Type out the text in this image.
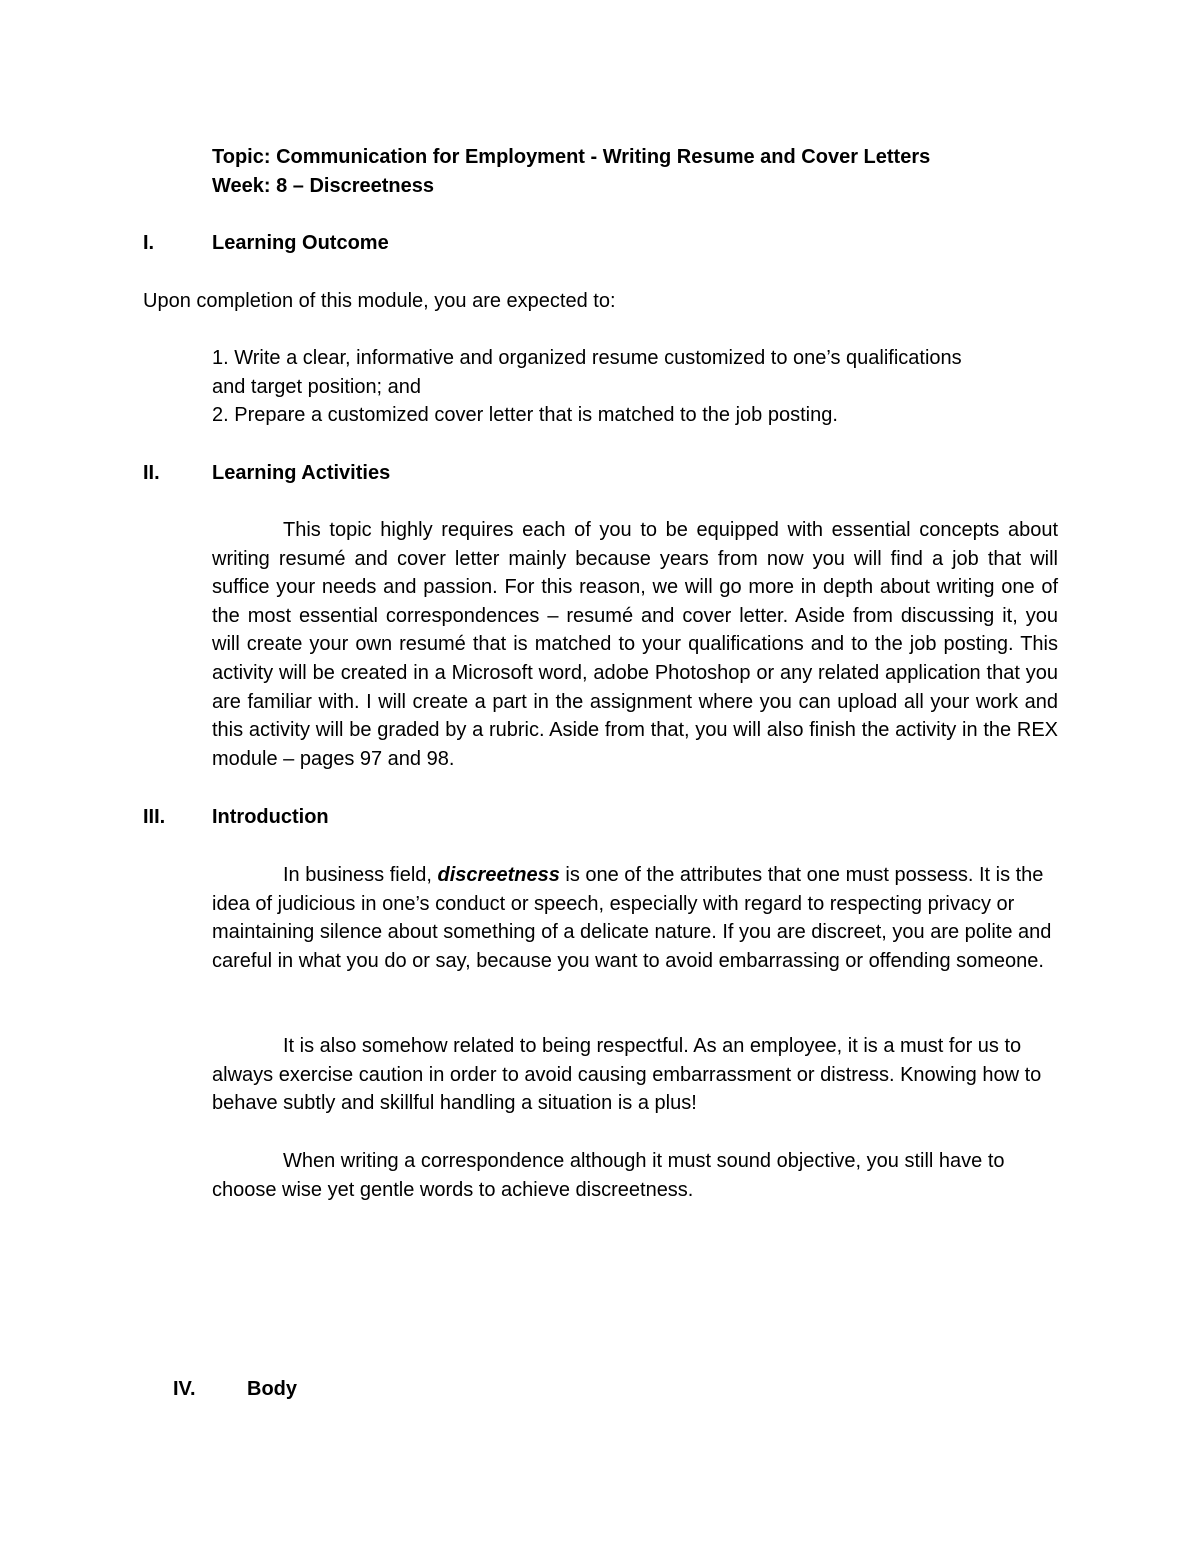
Topic: Communication for Employment - Writing Resume and Cover Letters
Week: 8 – Discreetness
I.	Learning Outcome
Upon completion of this module, you are expected to:
1. Write a clear, informative and organized resume customized to one’s qualifications
and target position; and
2. Prepare a customized cover letter that is matched to the job posting.
II.	Learning Activities
This topic highly requires each of you to be equipped with essential concepts about writing resumé and cover letter mainly because years from now you will find a job that will suffice your needs and passion. For this reason, we will go more in depth about writing one of the most essential correspondences – resumé and cover letter. Aside from discussing it, you will create your own resumé that is matched to your qualifications and to the job posting. This activity will be created in a Microsoft word, adobe Photoshop or any related application that you are familiar with. I will create a part in the assignment where you can upload all your work and this activity will be graded by a rubric. Aside from that, you will also finish the activity in the REX module – pages 97 and 98.
III. Introduction
In business field, discreetness is one of the attributes that one must possess. It is the idea of judicious in one’s conduct or speech, especially with regard to respecting privacy or maintaining silence about something of a delicate nature. If you are discreet, you are polite and careful in what you do or say, because you want to avoid embarrassing or offending someone.
It is also somehow related to being respectful. As an employee, it is a must for us to always exercise caution in order to avoid causing embarrassment or distress. Knowing how to behave subtly and skillful handling a situation is a plus!
When writing a correspondence although it must sound objective, you still have to choose wise yet gentle words to achieve discreetness.
IV.	Body
